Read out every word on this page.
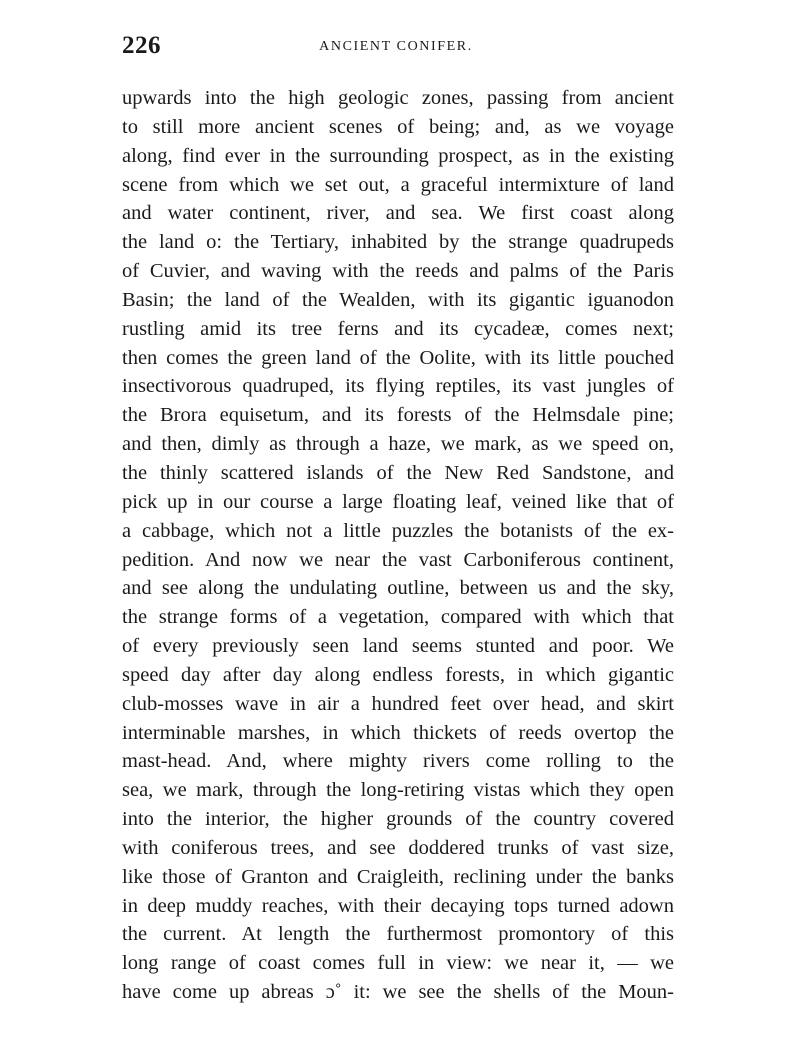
226	ANCIENT CONIFER.
upwards into the high geologic zones, passing from ancient
to still more ancient scenes of being; and, as we voyage
along, find ever in the surrounding prospect, as in the existing
scene from which we set out, a graceful intermixture of land
and water continent, river, and sea. We first coast along
the land o: the Tertiary, inhabited by the strange quadrupeds
of Cuvier, and waving with the reeds and palms of the Paris
Basin; the land of the Wealden, with its gigantic iguanodon
rustling amid its tree ferns and its cycadeæ, comes next;
then comes the green land of the Oolite, with its little pouched
insectivorous quadruped, its flying reptiles, its vast jungles of
the Brora equisetum, and its forests of the Helmsdale pine;
and then, dimly as through a haze, we mark, as we speed on,
the thinly scattered islands of the New Red Sandstone, and
pick up in our course a large floating leaf, veined like that of
a cabbage, which not a little puzzles the botanists of the ex-
pedition. And now we near the vast Carboniferous continent,
and see along the undulating outline, between us and the sky,
the strange forms of a vegetation, compared with which that
of every previously seen land seems stunted and poor. We
speed day after day along endless forests, in which gigantic
club-mosses wave in air a hundred feet over head, and skirt
interminable marshes, in which thickets of reeds overtop the
mast-head. And, where mighty rivers come rolling to the
sea, we mark, through the long-retiring vistas which they open
into the interior, the higher grounds of the country covered
with coniferous trees, and see doddered trunks of vast size,
like those of Granton and Craigleith, reclining under the banks
in deep muddy reaches, with their decaying tops turned adown
the current. At length the furthermost promontory of this
long range of coast comes full in view: we near it, — we
have come up abreas ɔ˚ it: we see the shells of the Moun-
